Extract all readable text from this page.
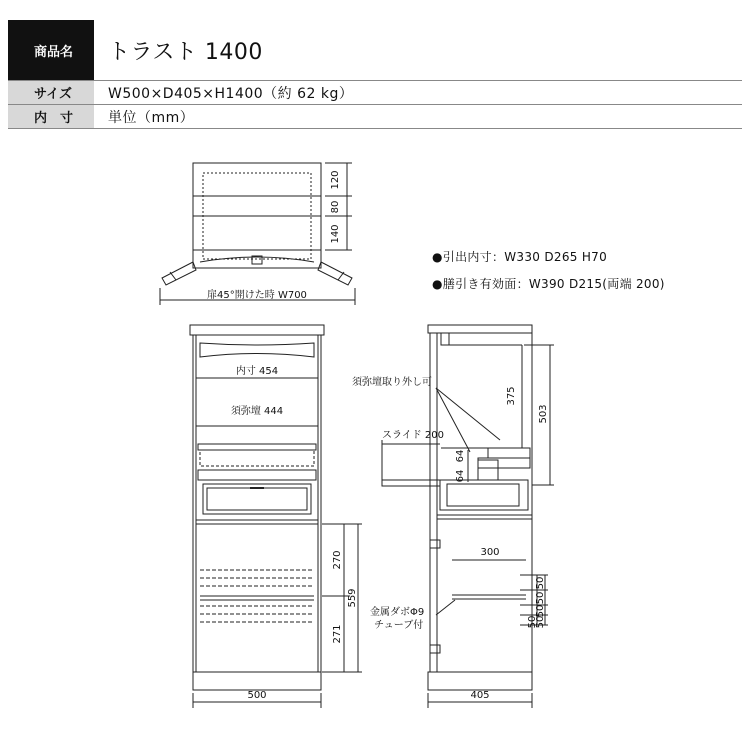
商品名	トラスト 1400
サイズ	W500×D405×H1400（約 62 kg）
内　寸	単位（mm）
●引出内寸：W330 D265 H70
●膳引き有効面：W390 D215(両端 200)
120
80
140
扉45°開けた時 W700
内寸 454
須弥壇 444
270
559
271
500
須弥壇取り外し可
スライド 200
375
503
64
64
300
50
50
50
50
50
金属ダボΦ9
チューブ付
405
